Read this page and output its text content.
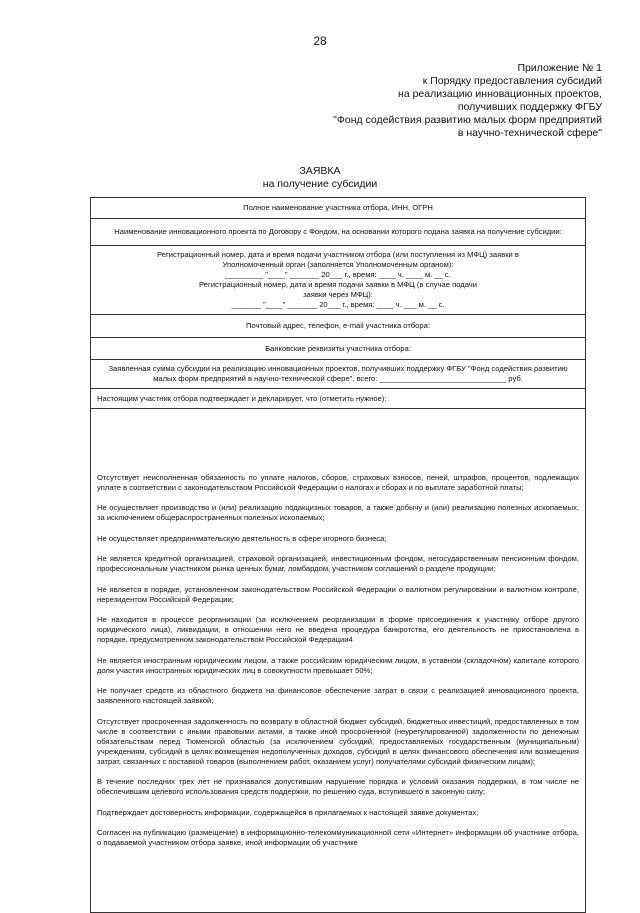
28
Приложение № 1
к Порядку предоставления субсидий
на реализацию инновационных проектов,
получивших поддержку ФГБУ
"Фонд содействия развитию малых форм предприятий
в научно-технической сфере"
ЗАЯВКА
на получение субсидии
Полное наименование участника отбора, ИНН, ОГРН
Наименование инновационного проекта по Договору с Фондом, на основании которого подана заявка на получение субсидии:

Регистрационный номер, дата и время подачи участником отбора (или поступления из МФЦ) заявки в
Уполномоченный орган (заполняется Уполномоченным органом):
_________ "____" _______ 20___ г., время: ____ ч. ____ м. __ с.
Регистрационный номер, дата и время подачи заявки в МФЦ (в случае подачи
заявки через МФЦ):
_______ "____" _______ 20___ г., время: ____ ч. ___ м. __ с.

Почтовый адрес, телефон, e-mail участника отбора:
Банковские реквизиты участника отбора:
Заявленная сумма субсидии на реализацию инновационных проектов, получивших поддержку ФГБУ "Фонд содействия развитию малых форм предприятий в научно-технической сфере", всего: ______________________________ руб.
Настоящим участник отбора подтверждает и декларирует, что (отметить нужное):

Отсутствует неисполненная обязанность по уплате налогов, сборов, страховых взносов, пеней, штрафов, процентов, подлежащих уплате в соответствии с законодательством Российской Федерации о налогах и сборах и по выплате заработной платы;

Не осуществляет производство и (или) реализацию подакцизных товаров, а также добычу и (или) реализацию полезных ископаемых, за исключением общераспространенных полезных ископаемых;

Не осуществляет предпринимательскую деятельность в сфере игорного бизнеса;

Не является кредитной организацией, страховой организацией, инвестиционным фондом, негосударственным пенсионным фондом, профессиональным участником рынка ценных бумаг, ломбардом, участником соглашений о разделе продукции;

Не является в порядке, установленном законодательством Российской Федерации о валютном регулировании и валютном контроле, нерезидентом Российской Федерации;

Не находится в процессе реорганизации (за исключением реорганизации в форме присоединения к участнику отборе другого юридического лица), ликвидации, в отношении него не введена процедура банкротства, его деятельность не приостановлена в порядке, предусмотренном законодательством Российской Федерации4

Не является иностранным юридическим лицом, а также российским юридическим лицом, в уставном (складочном) капитале которого доля участия иностранных юридических лиц в совокупности превышает 50%;

Не получает средств из областного бюджета на финансовое обеспечение затрат в связи с реализацией инновационного проекта, заявленного настоящей заявкой;

Отсутствует просроченная задолженность по возврату в областной бюджет субсидий, бюджетных инвестиций, предоставленных в том числе в соответствии с иными правовыми актами, а также иной просроченной (неурегулированной) задолженности по денежным обязательствам перед Тюменской областью (за исключением субсидий, предоставляемых государственным (муниципальным) учреждениям, субсидий в целях возмещения недополученных доходов, субсидий в целях финансового обеспечения или возмещения затрат, связанных с поставкой товаров (выполнением работ, оказанием услуг) получателями субсидий физическим лицам);

В течение последних трех лет не признавался допустившим нарушение порядка и условий оказания поддержки, в том числе не обеспечившим целевого использования средств поддержки, по решению суда, вступившего в законную силу;

Подтверждает достоверность информации, содержащейся в прилагаемых к настоящей заявке документах;

Согласен на публикацию (размещение) в информационно-телекоммуникационной сети «Интернет» информации об участнике отбора, о подаваемой участником отбора заявке, иной информации об участнике
